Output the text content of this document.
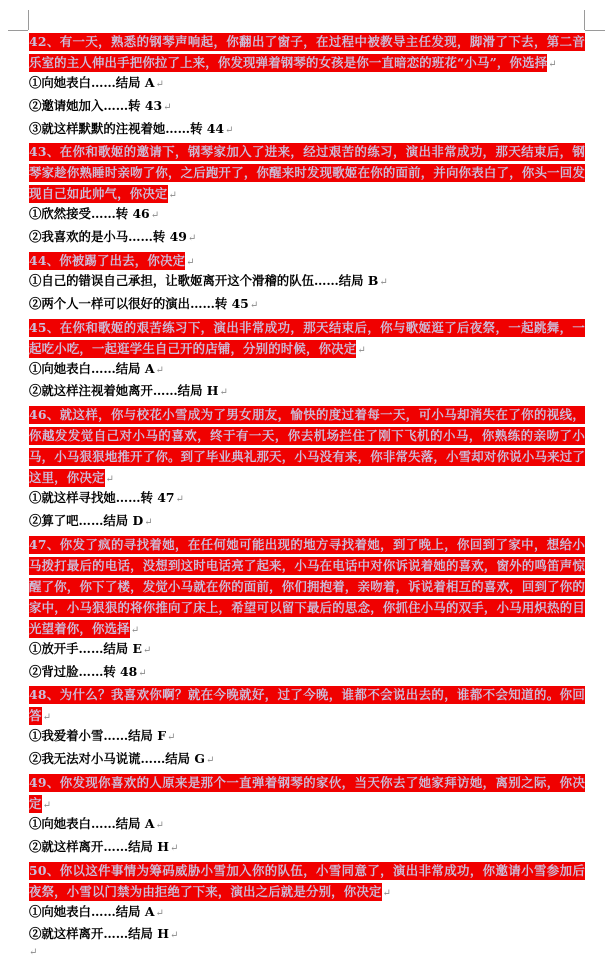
42、有一天，熟悉的钢琴声响起，你翻出了窗子，在过程中被教导主任发现，脚滑了下去，第二音乐室的主人伸出手把你拉了上来，你发现弹着钢琴的女孩是你一直暗恋的班花“小马”，你选择↵

①向她表白……结局 A↵
②邀请她加入……转 43↵
③就这样默默的注视着她……转 44↵

43、在你和歌姬的邀请下，钢琴家加入了进来，经过艰苦的练习，演出非常成功，那天结束后，钢琴家趁你熟睡时亲吻了你，之后跑开了，你醒来时发现歌姬在你的面前，并向你表白了，你头一回发现自己如此帅气，你决定↵

①欣然接受……转 46↵
②我喜欢的是小马……转 49↵

44、你被踢了出去，你决定↵

①自己的错误自己承担，让歌姬离开这个滑稽的队伍……结局 B↵
②两个人一样可以很好的演出……转 45↵

45、在你和歌姬的艰苦练习下，演出非常成功，那天结束后，你与歌姬逛了后夜祭，一起跳舞，一起吃小吃，一起逛学生自己开的店铺，分别的时候，你决定↵

①向她表白……结局 A↵
②就这样注视着她离开……结局 H↵

46、就这样，你与校花小雪成为了男女朋友，愉快的度过着每一天，可小马却消失在了你的视线，你越发发觉自己对小马的喜欢，终于有一天，你去机场拦住了刚下飞机的小马，你熟练的亲吻了小马，小马狠狠地推开了你。到了毕业典礼那天，小马没有来，你非常失落，小雪却对你说小马来过了这里，你决定↵

①就这样寻找她……转 47↵
②算了吧……结局 D↵

47、你发了疯的寻找着她，在任何她可能出现的地方寻找着她，到了晚上，你回到了家中，想给小马拨打最后的电话，没想到这时电话亮了起来，小马在电话中对你诉说着她的喜欢，窗外的鸣笛声惊醒了你，你下了楼，发觉小马就在你的面前，你们拥抱着，亲吻着，诉说着相互的喜欢，回到了你的家中，小马狠狠的将你推向了床上，希望可以留下最后的思念，你抓住小马的双手，小马用炽热的目光望着你，你选择↵

①放开手……结局 E↵
②背过脸……转 48↵

48、为什么？我喜欢你啊？就在今晚就好，过了今晚，谁都不会说出去的，谁都不会知道的。你回答↵

①我爱着小雪……结局 F↵
②我无法对小马说谎……结局 G↵

49、你发现你喜欢的人原来是那个一直弹着钢琴的家伙，当天你去了她家拜访她，离别之际，你决定↵

①向她表白……结局 A↵
②就这样离开……结局 H↵

50、你以这件事情为筹码威胁小雪加入你的队伍，小雪同意了，演出非常成功，你邀请小雪参加后夜祭，小雪以门禁为由拒绝了下来，演出之后就是分别，你决定↵

①向她表白……结局 A↵
②就这样离开……结局 H↵
↵
